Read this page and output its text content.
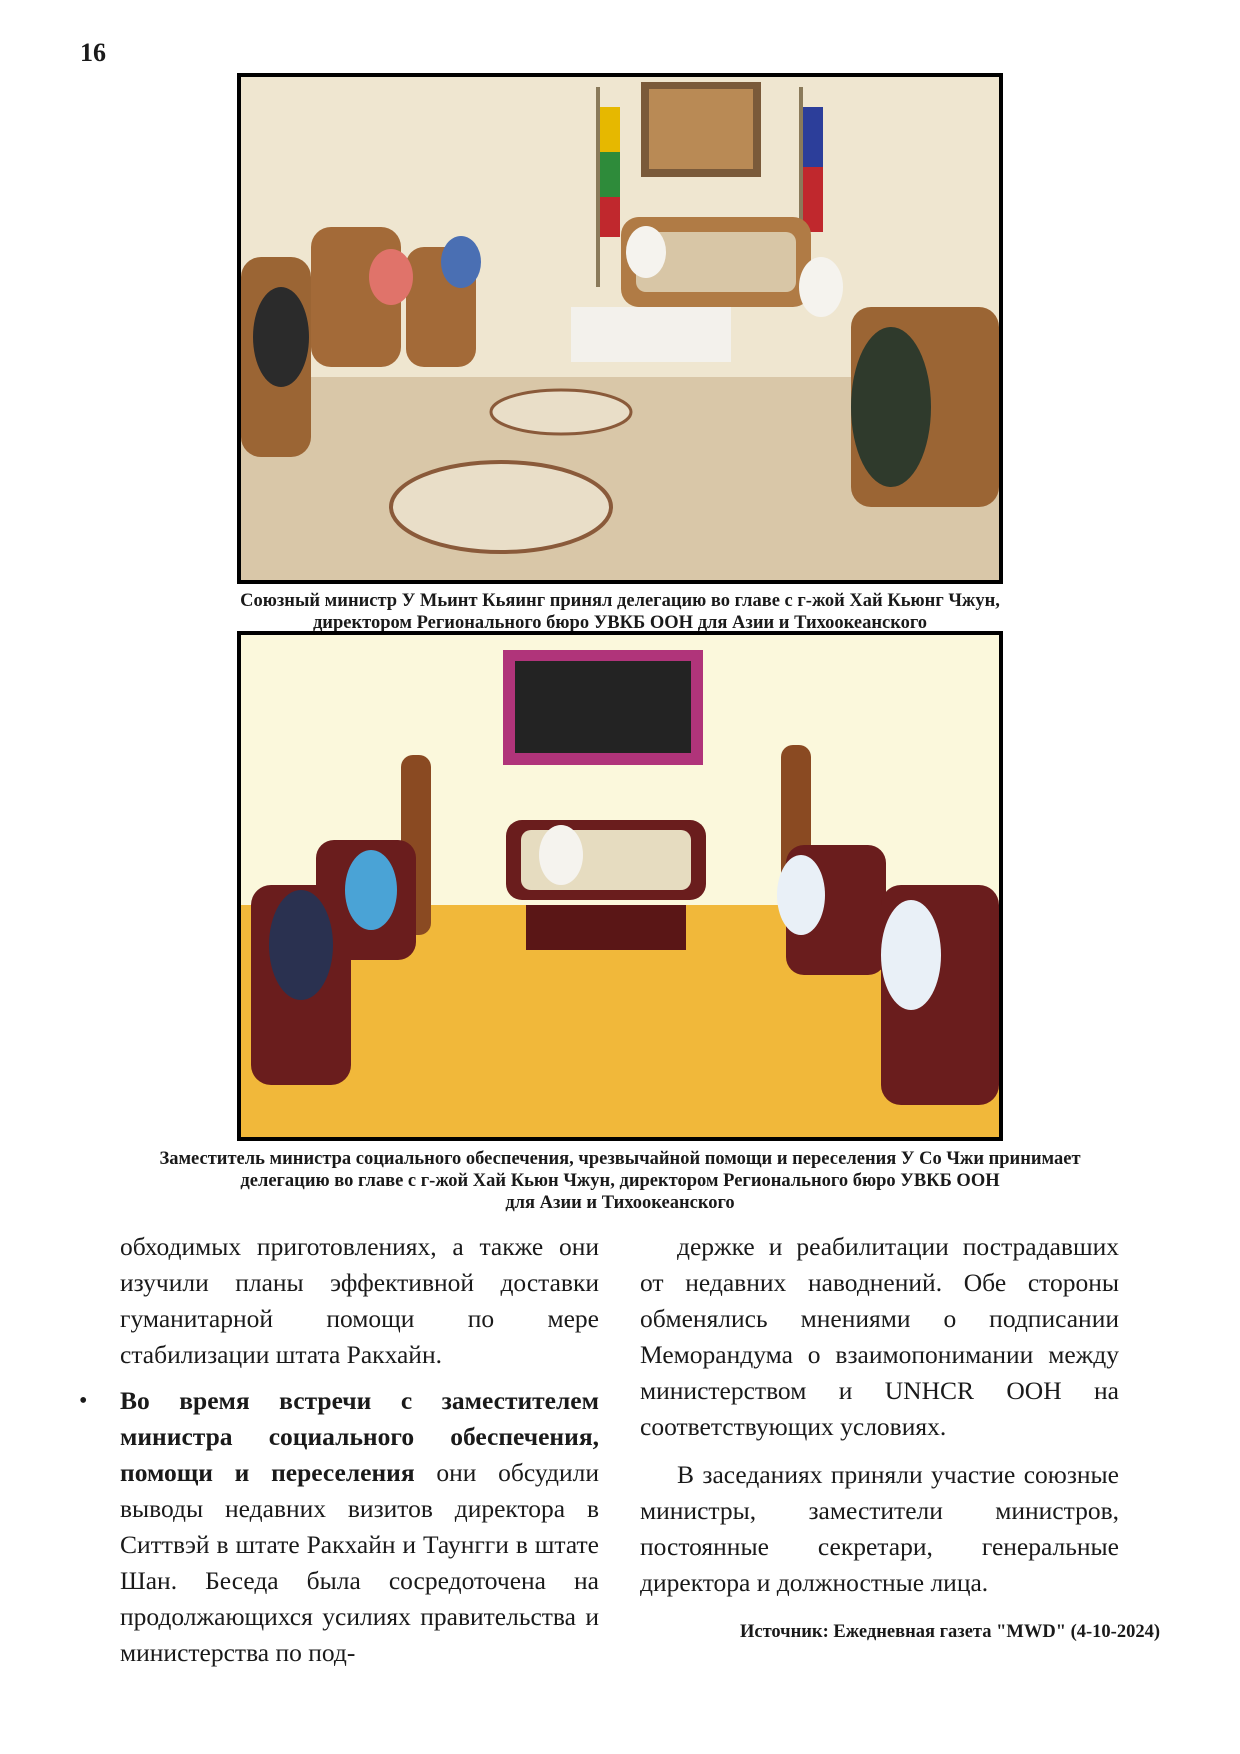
16
Союзный министр У Мьинт Кьяинг принял делегацию во главе с г-жой Хай Кьюнг Чжун,
директором Регионального бюро УВКБ ООН для Азии и Тихоокеанского
Заместитель министра социального обеспечения, чрезвычайной помощи и переселения У Со Чжи принимает
делегацию во главе с г-жой Хай Кьюн Чжун, директором Регионального бюро УВКБ ООН
для Азии и Тихоокеанского

обходимых приготовлениях, а также они изучили планы эффективной доставки гуманитарной помощи по мере стабилизации штата Ракхайн.

• Во время встречи с заместителем министра социального обеспечения, помощи и переселения они обсудили выводы недавних визитов директора в Ситтвэй в штате Ракхайн и Таунгги в штате Шан. Беседа была сосредоточена на продолжающихся усилиях правительства и министерства по под-

держке и реабилитации пострадавших от недавних наводнений. Обе стороны обменялись мнениями о подписании Меморандума о взаимопонимании между министерством и UNHCR ООН на соответствующих условиях.

В заседаниях приняли участие союзные министры, заместители министров, постоянные секретари, генеральные директора и должностные лица.

Источник: Ежедневная газета "MWD" (4-10-2024)
